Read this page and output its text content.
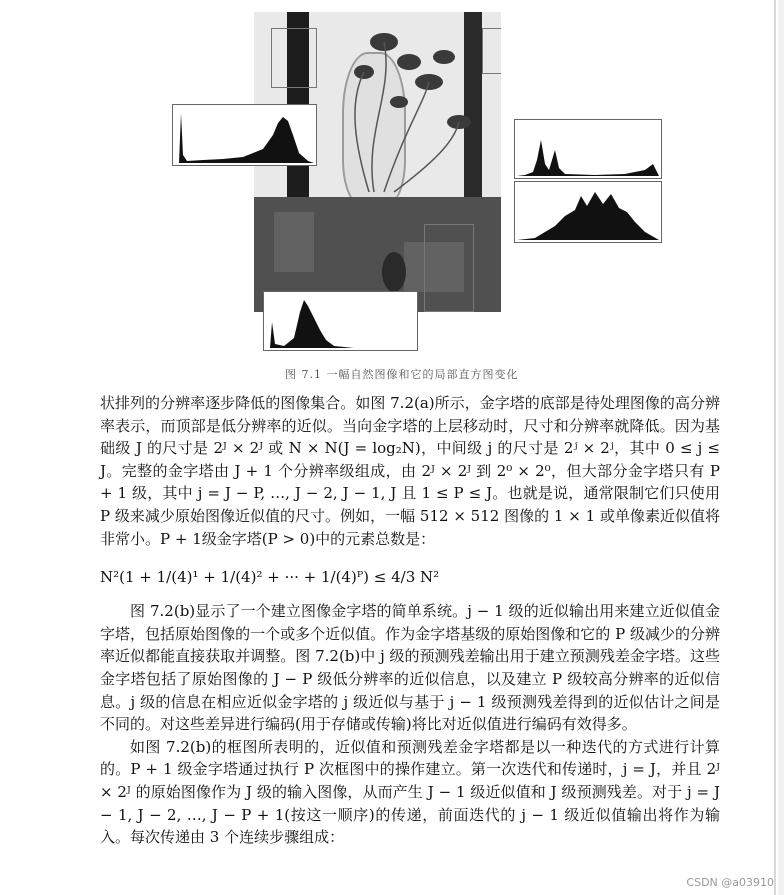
图 7.1 一幅自然图像和它的局部直方图变化

状排列的分辨率逐步降低的图像集合。如图 7.2(a)所示，金字塔的底部是待处理图像的高分辨率表示，而顶部是低分辨率的近似。当向金字塔的上层移动时，尺寸和分辨率就降低。因为基础级 J 的尺寸是 2ᴶ × 2ᴶ 或 N × N(J = log₂N)，中间级 j 的尺寸是 2ʲ × 2ʲ，其中 0 ≤ j ≤ J。完整的金字塔由 J + 1 个分辨率级组成，由 2ᴶ × 2ᴶ 到 2⁰ × 2⁰，但大部分金字塔只有 P + 1 级，其中 j = J − P, …, J − 2, J − 1, J 且 1 ≤ P ≤ J。也就是说，通常限制它们只使用 P 级来减少原始图像近似值的尺寸。例如，一幅 512 × 512 图像的 1 × 1 或单像素近似值将非常小。P + 1级金字塔(P > 0)中的元素总数是：

N²(1 + 1/(4)¹ + 1/(4)² + ··· + 1/(4)ᴾ) ≤ 4/3 N²

图 7.2(b)显示了一个建立图像金字塔的简单系统。j − 1 级的近似输出用来建立近似值金字塔，包括原始图像的一个或多个近似值。作为金字塔基级的原始图像和它的 P 级减少的分辨率近似都能直接获取并调整。图 7.2(b)中 j 级的预测残差输出用于建立预测残差金字塔。这些金字塔包括了原始图像的 J − P 级低分辨率的近似信息，以及建立 P 级较高分辨率的近似信息。j 级的信息在相应近似金字塔的 j 级近似与基于 j − 1 级预测残差得到的近似估计之间是不同的。对这些差异进行编码(用于存储或传输)将比对近似值进行编码有效得多。

如图 7.2(b)的框图所表明的，近似值和预测残差金字塔都是以一种迭代的方式进行计算的。P + 1 级金字塔通过执行 P 次框图中的操作建立。第一次迭代和传递时，j = J，并且 2ᴶ × 2ᴶ 的原始图像作为 J 级的输入图像，从而产生 J − 1 级近似值和 J 级预测残差。对于 j = J − 1, J − 2, …, J − P + 1(按这一顺序)的传递，前面迭代的 j − 1 级近似值输出将作为输入。每次传递由 3 个连续步骤组成：

CSDN @a03910
